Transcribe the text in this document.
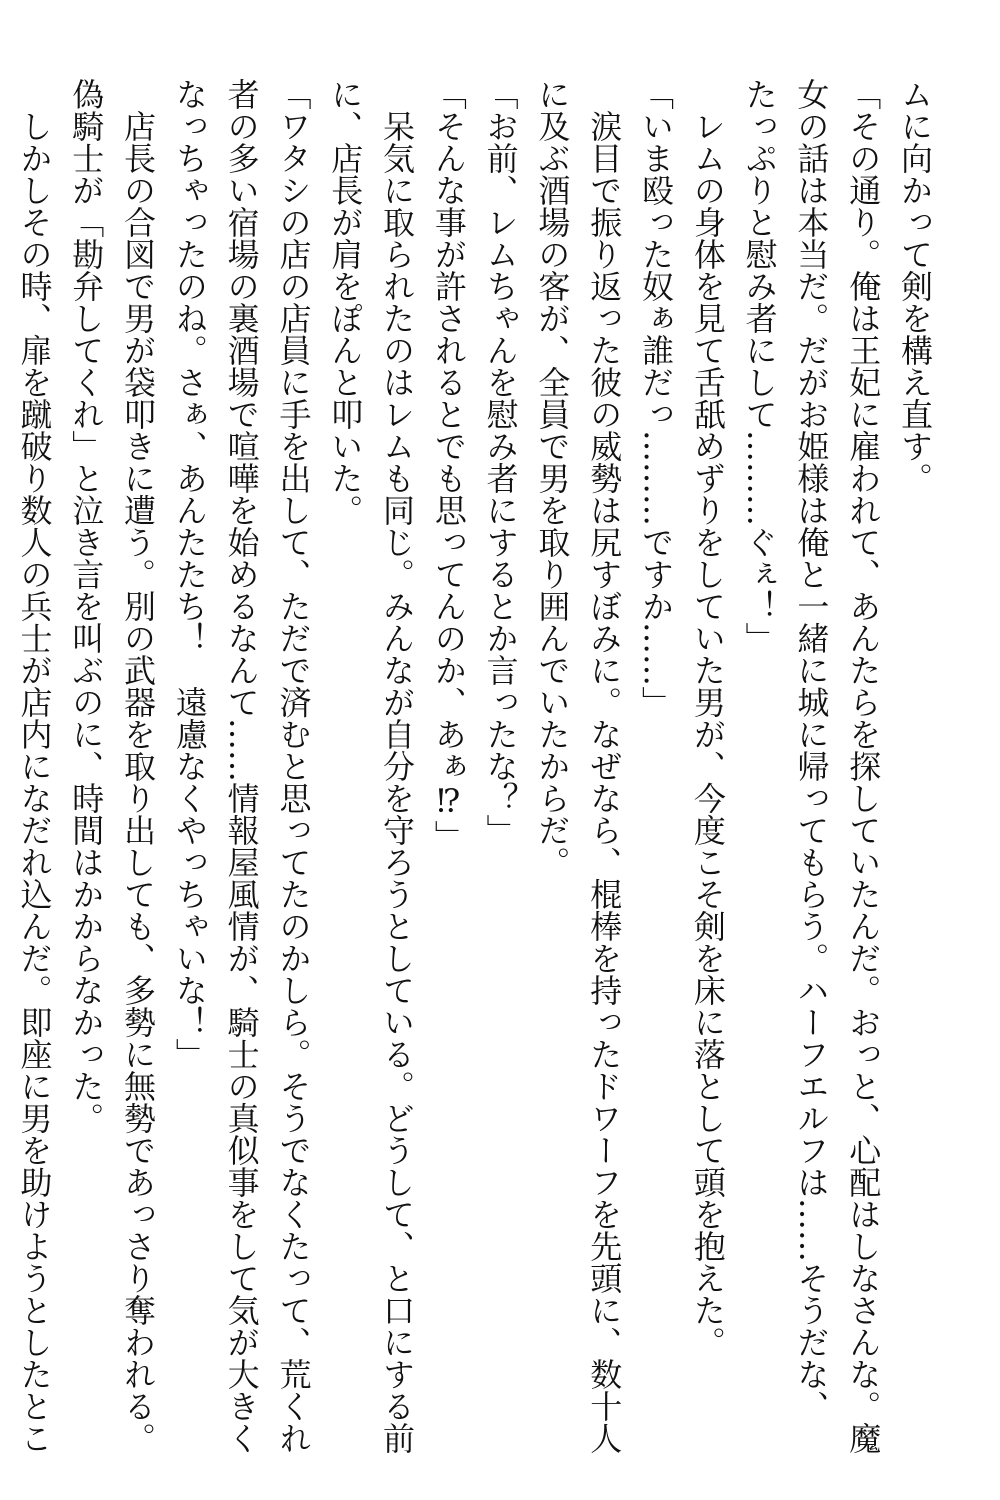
ムに向かって剣を構え直す。
「その通り。俺は王妃に雇われて、あんたらを探していたんだ。おっと、心配はしなさんな。魔
女の話は本当だ。だがお姫様は俺と一緒に城に帰ってもらう。ハーフエルフは……そうだな、
たっぷりと慰み者にして………ぐぇ！」
　レムの身体を見て舌舐めずりをしていた男が、今度こそ剣を床に落として頭を抱えた。
「いま殴った奴ぁ誰だっ………ですか……」
　涙目で振り返った彼の威勢は尻すぼみに。なぜなら、棍棒を持ったドワーフを先頭に、数十人
に及ぶ酒場の客が、全員で男を取り囲んでいたからだ。
「お前、レムちゃんを慰み者にするとか言ったな？」
「そんな事が許されるとでも思ってんのか、あぁ⁉」
　呆気に取られたのはレムも同じ。みんなが自分を守ろうとしている。どうして、と口にする前
に、店長が肩をぽんと叩いた。
「ワタシの店の店員に手を出して、ただで済むと思ってたのかしら。そうでなくたって、荒くれ
者の多い宿場の裏酒場で喧嘩を始めるなんて……情報屋風情が、騎士の真似事をして気が大きく
なっちゃったのね。さぁ、あんたたち！　遠慮なくやっちゃいな！」
　店長の合図で男が袋叩きに遭う。別の武器を取り出しても、多勢に無勢であっさり奪われる。
偽騎士が「勘弁してくれ」と泣き言を叫ぶのに、時間はかからなかった。
　しかしその時、扉を蹴破り数人の兵士が店内になだれ込んだ。即座に男を助けようとしたとこ
